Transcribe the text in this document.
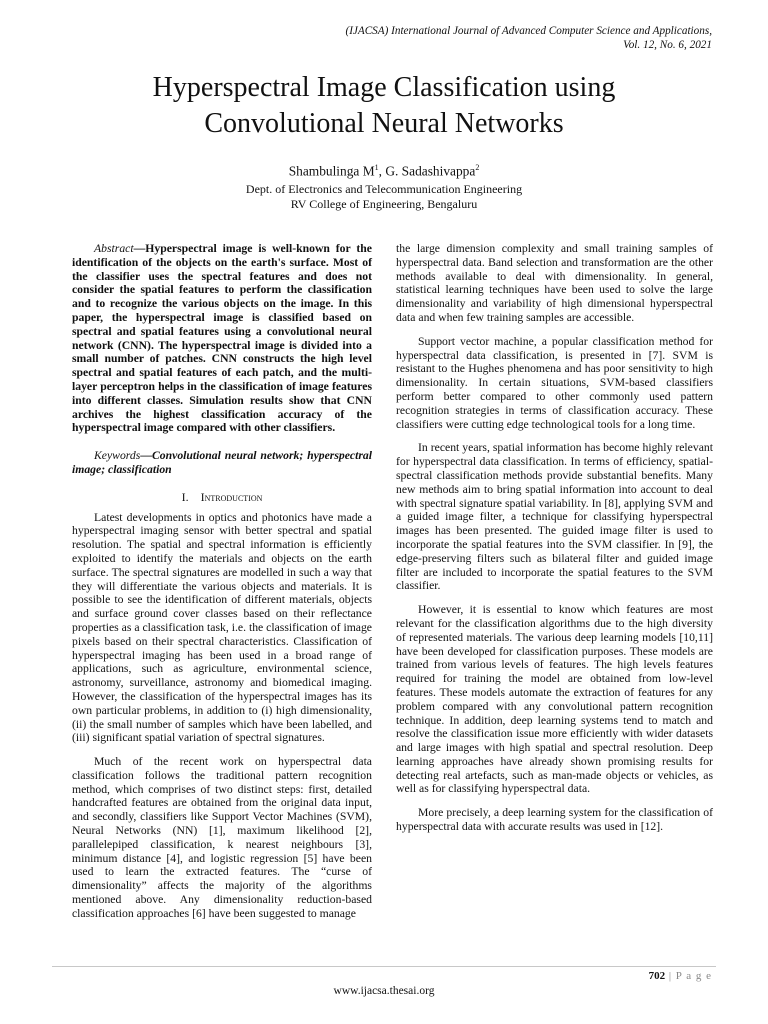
(IJACSA) International Journal of Advanced Computer Science and Applications,
Vol. 12, No. 6, 2021
Hyperspectral Image Classification using
Convolutional Neural Networks
Shambulinga $M^1$, G. Sadashivappa$^2$
Dept. of Electronics and Telecommunication Engineering
RV College of Engineering, Bengaluru

Abstract—Hyperspectral image is well-known for the identification of the objects on the earth's surface. Most of the classifier uses the spectral features and does not consider the spatial features to perform the classification and to recognize the various objects on the image. In this paper, the hyperspectral image is classified based on spectral and spatial features using a convolutional neural network (CNN). The hyperspectral image is divided into a small number of patches. CNN constructs the high level spectral and spatial features of each patch, and the multi-layer perceptron helps in the classification of image features into different classes. Simulation results show that CNN archives the highest classification accuracy of the hyperspectral image compared with other classifiers.

Keywords—Convolutional neural network; hyperspectral image; classification

I. Introduction

Latest developments in optics and photonics have made a hyperspectral imaging sensor with better spectral and spatial resolution. The spatial and spectral information is efficiently exploited to identify the materials and objects on the earth surface. The spectral signatures are modelled in such a way that they will differentiate the various objects and materials. It is possible to see the identification of different materials, objects and surface ground cover classes based on their reflectance properties as a classification task, i.e. the classification of image pixels based on their spectral characteristics. Classification of hyperspectral imaging has been used in a broad range of applications, such as agriculture, environmental science, astronomy, surveillance, astronomy and biomedical imaging. However, the classification of the hyperspectral images has its own particular problems, in addition to (i) high dimensionality, (ii) the small number of samples which have been labelled, and (iii) significant spatial variation of spectral signatures.

Much of the recent work on hyperspectral data classification follows the traditional pattern recognition method, which comprises of two distinct steps: first, detailed handcrafted features are obtained from the original data input, and secondly, classifiers like Support Vector Machines (SVM), Neural Networks (NN) [1], maximum likelihood [2], parallelepiped classification, k nearest neighbours [3], minimum distance [4], and logistic regression [5] have been used to learn the extracted features. The “curse of dimensionality” affects the majority of the algorithms mentioned above. Any dimensionality reduction-based classification approaches [6] have been suggested to manage

the large dimension complexity and small training samples of hyperspectral data. Band selection and transformation are the other methods available to deal with dimensionality. In general, statistical learning techniques have been used to solve the large dimensionality and variability of high dimensional hyperspectral data and when few training samples are accessible.

Support vector machine, a popular classification method for hyperspectral data classification, is presented in [7]. SVM is resistant to the Hughes phenomena and has poor sensitivity to high dimensionality. In certain situations, SVM-based classifiers perform better compared to other commonly used pattern recognition strategies in terms of classification accuracy. These classifiers were cutting edge technological tools for a long time.

In recent years, spatial information has become highly relevant for hyperspectral data classification. In terms of efficiency, spatial-spectral classification methods provide substantial benefits. Many new methods aim to bring spatial information into account to deal with spectral signature spatial variability. In [8], applying SVM and a guided image filter, a technique for classifying hyperspectral images has been presented. The guided image filter is used to incorporate the spatial features into the SVM classifier. In [9], the edge-preserving filters such as bilateral filter and guided image filter are included to incorporate the spatial features to the SVM classifier.

However, it is essential to know which features are most relevant for the classification algorithms due to the high diversity of represented materials. The various deep learning models [10,11] have been developed for classification purposes. These models are trained from various levels of features. The high levels features required for training the model are obtained from low-level features. These models automate the extraction of features for any problem compared with any convolutional pattern recognition technique. In addition, deep learning systems tend to match and resolve the classification issue more efficiently with wider datasets and large images with high spatial and spectral resolution. Deep learning approaches have already shown promising results for detecting real artefacts, such as man-made objects or vehicles, as well as for classifying hyperspectral data.

More precisely, a deep learning system for the classification of hyperspectral data with accurate results was used in [12].

702 | P a g e
www.ijacsa.thesai.org
